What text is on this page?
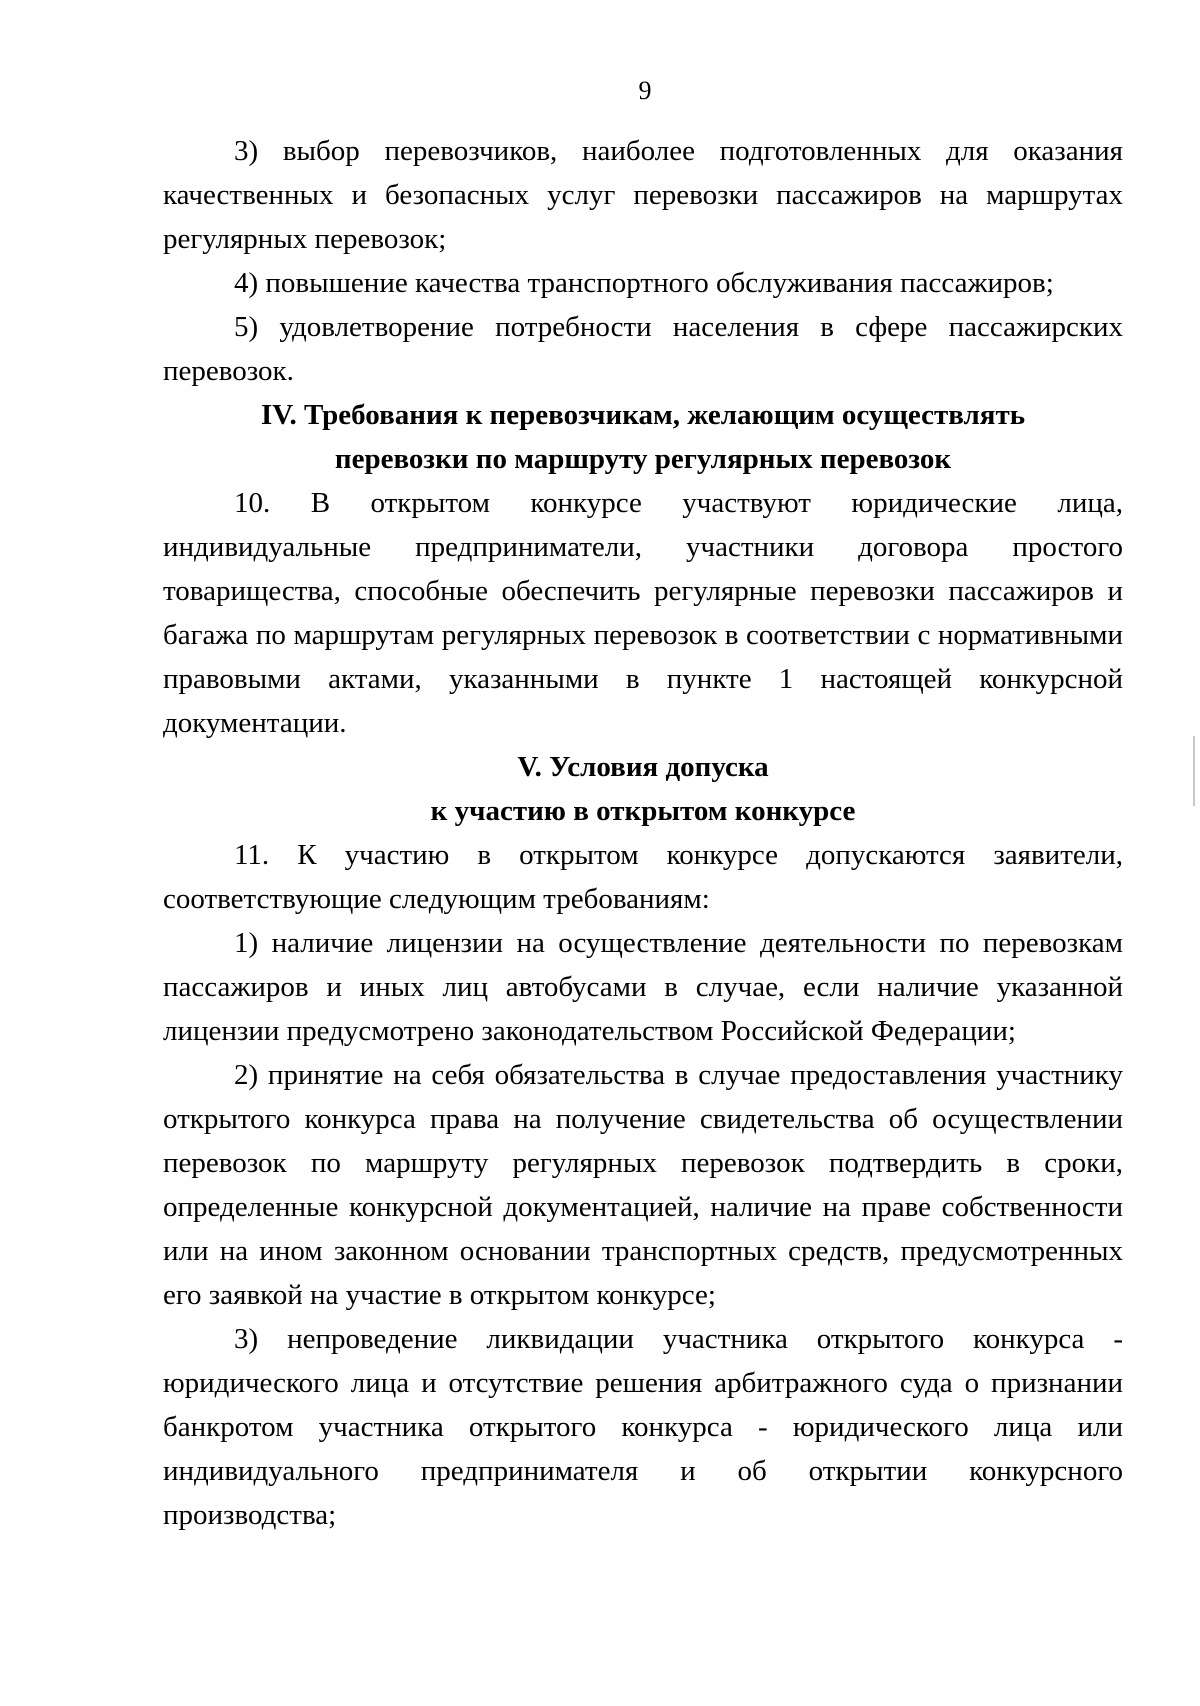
9

3) выбор перевозчиков, наиболее подготовленных для оказания качественных и безопасных услуг перевозки пассажиров на маршрутах регулярных перевозок;

4) повышение качества транспортного обслуживания пассажиров;

5) удовлетворение потребности населения в сфере пассажирских перевозок.

IV. Требования к перевозчикам, желающим осуществлять

перевозки по маршруту регулярных перевозок

10. В открытом конкурсе участвуют юридические лица, индивидуальные предприниматели, участники договора простого товарищества, способные обеспечить регулярные перевозки пассажиров и багажа по маршрутам регулярных перевозок в соответствии с нормативными правовыми актами, указанными в пункте 1 настоящей конкурсной документации.

V. Условия допуска

к участию в открытом конкурсе

11. К участию в открытом конкурсе допускаются заявители, соответствующие следующим требованиям:

1) наличие лицензии на осуществление деятельности по перевозкам пассажиров и иных лиц автобусами в случае, если наличие указанной лицензии предусмотрено законодательством Российской Федерации;

2) принятие на себя обязательства в случае предоставления участнику открытого конкурса права на получение свидетельства об осуществлении перевозок по маршруту регулярных перевозок подтвердить в сроки, определенные конкурсной документацией, наличие на праве собственности или на ином законном основании транспортных средств, предусмотренных его заявкой на участие в открытом конкурсе;

3) непроведение ликвидации участника открытого конкурса - юридического лица и отсутствие решения арбитражного суда о признании банкротом участника открытого конкурса - юридического лица или индивидуального предпринимателя и об открытии конкурсного производства;
